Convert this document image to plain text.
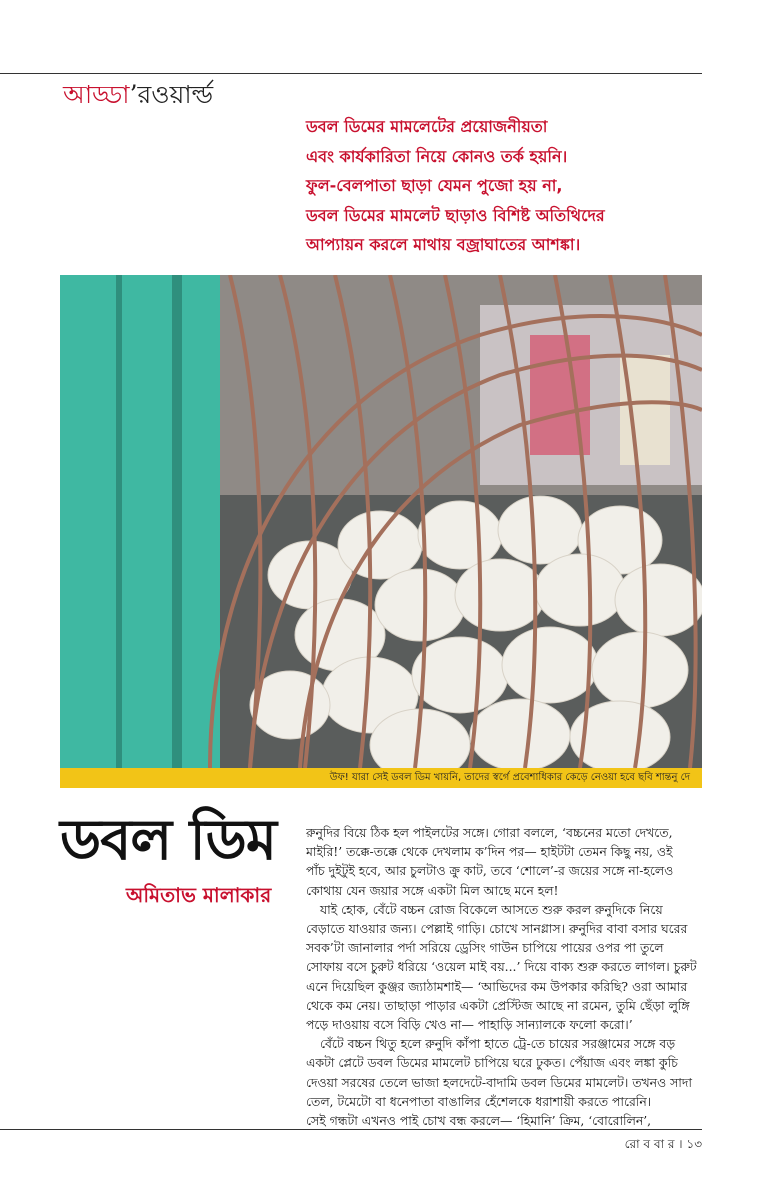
আড্ডা’রওয়ার্ল্ড
ডবল ডিমের মামলেটের প্রয়োজনীয়তা
এবং কার্যকারিতা নিয়ে কোনও তর্ক হয়নি।
ফুল-বেলপাতা ছাড়া যেমন পুজো হয় না,
ডবল ডিমের মামলেট ছাড়াও বিশিষ্ট অতিথিদের
আপ্যায়ন করলে মাথায় বজ্রাঘাতের আশঙ্কা।
উফ! যারা সেই ডবল ডিম খায়নি, তাদের স্বর্গে প্রবেশাধিকার কেড়ে নেওয়া হবে ছবি শান্তনু দে
ডবল ডিম
অমিতাভ মালাকার
রুনুদির বিয়ে ঠিক হল পাইলটের সঙ্গে। গোরা বললে, ‘বচ্চনের মতো দেখতে,
মাইরি!’ তক্কে-তক্কে থেকে দেখলাম ক’দিন পর— হাইটটা তেমন কিছু নয়, ওই
পাঁচ দুইটুই হবে, আর চুলটাও ক্রু কাট, তবে ‘শোলে’-র জয়ের সঙ্গে না-হলেও
কোথায় যেন জয়ার সঙ্গে একটা মিল আছে মনে হল!
যাই হোক, বেঁটে বচ্চন রোজ বিকেলে আসতে শুরু করল রুনুদিকে নিয়ে
বেড়াতে যাওয়ার জন্য। পেল্লাই গাড়ি। চোখে সানগ্লাস। রুনুদির বাবা বসার ঘরের
সবক’টা জানালার পর্দা সরিয়ে ড্রেসিং গাউন চাপিয়ে পায়ের ওপর পা তুলে
সোফায় বসে চুরুট ধরিয়ে ‘ওয়েল মাই বয়...’ দিয়ে বাক্য শুরু করতে লাগল। চুরুট
এনে দিয়েছিল কুঞ্জর জ্যাঠামশাই— ‘আভিদের কম উপকার করিছি? ওরা আমার
থেকে কম নেয়। তাছাড়া পাড়ার একটা প্রেস্টিজ আছে না রমেন, তুমি ছেঁড়া লুঙ্গি
পড়ে দাওয়ায় বসে বিড়ি খেও না— পাহাড়ি সান্যালকে ফলো করো।’
বেঁটে বচ্চন থিতু হলে রুনুদি কাঁপা হাতে ট্রে-তে চায়ের সরঞ্জামের সঙ্গে বড়
একটা প্লেটে ডবল ডিমের মামলেট চাপিয়ে ঘরে ঢুকত। পেঁয়াজ এবং লঙ্কা কুচি
দেওয়া সরষের তেলে ভাজা হলদেটে-বাদামি ডবল ডিমের মামলেট। তখনও সাদা
তেল, টমেটো বা ধনেপাতা বাঙালির হেঁশেলকে ধরাশায়ী করতে পারেনি।
সেই গন্ধটা এখনও পাই চোখ বন্ধ করলে— ‘হিমানি’ ক্রিম, ‘বোরোলিন’,
রো ব বা র । ১৩
